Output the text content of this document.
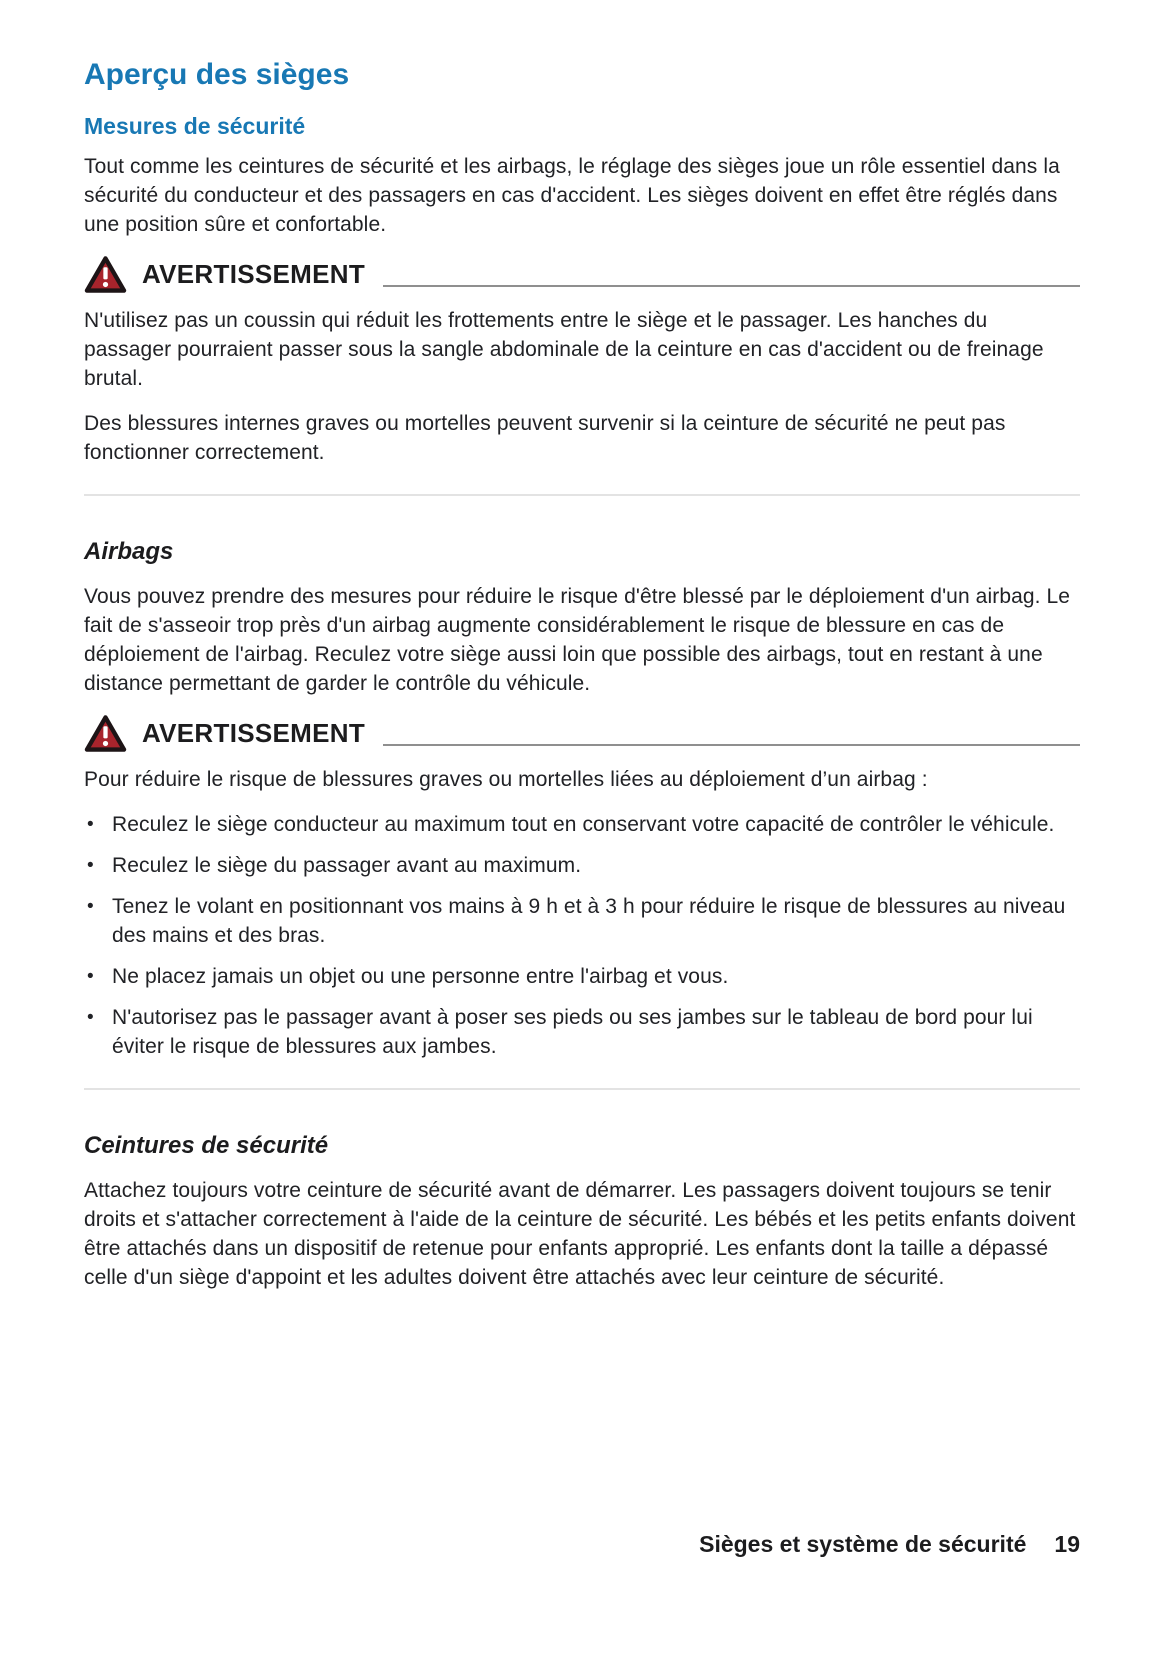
Aperçu des sièges
Mesures de sécurité

Tout comme les ceintures de sécurité et les airbags, le réglage des sièges joue un rôle essentiel dans la sécurité du conducteur et des passagers en cas d'accident. Les sièges doivent en effet être réglés dans une position sûre et confortable.

AVERTISSEMENT

N'utilisez pas un coussin qui réduit les frottements entre le siège et le passager. Les hanches du passager pourraient passer sous la sangle abdominale de la ceinture en cas d'accident ou de freinage brutal.

Des blessures internes graves ou mortelles peuvent survenir si la ceinture de sécurité ne peut pas fonctionner correctement.

Airbags

Vous pouvez prendre des mesures pour réduire le risque d'être blessé par le déploiement d'un airbag. Le fait de s'asseoir trop près d'un airbag augmente considérablement le risque de blessure en cas de déploiement de l'airbag. Reculez votre siège aussi loin que possible des airbags, tout en restant à une distance permettant de garder le contrôle du véhicule.

AVERTISSEMENT

Pour réduire le risque de blessures graves ou mortelles liées au déploiement d’un airbag :

• Reculez le siège conducteur au maximum tout en conservant votre capacité de contrôler le véhicule.
• Reculez le siège du passager avant au maximum.
• Tenez le volant en positionnant vos mains à 9 h et à 3 h pour réduire le risque de blessures au niveau des mains et des bras.
• Ne placez jamais un objet ou une personne entre l'airbag et vous.
• N'autorisez pas le passager avant à poser ses pieds ou ses jambes sur le tableau de bord pour lui éviter le risque de blessures aux jambes.
Ceintures de sécurité

Attachez toujours votre ceinture de sécurité avant de démarrer. Les passagers doivent toujours se tenir droits et s'attacher correctement à l'aide de la ceinture de sécurité. Les bébés et les petits enfants doivent être attachés dans un dispositif de retenue pour enfants approprié. Les enfants dont la taille a dépassé celle d'un siège d'appoint et les adultes doivent être attachés avec leur ceinture de sécurité.

Sièges et système de sécurité 19
